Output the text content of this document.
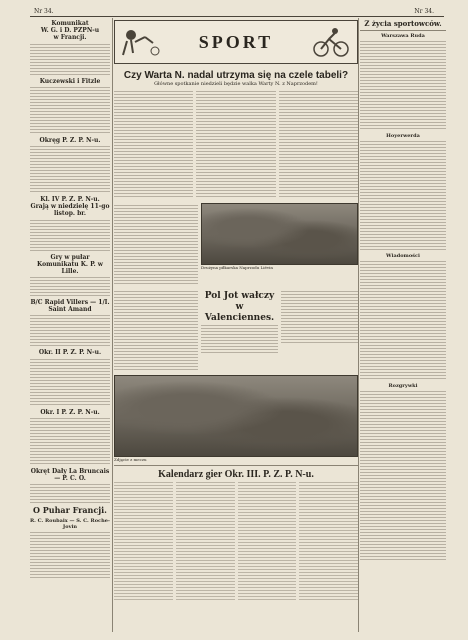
Nr 34.	Nr 34.
Komunikat
W. G. i D. PZPN-u
w Francji.
Kuczewski i Fitzle
Okręg P. Z. P. N-u.
Kl. IV P. Z. P. N-u.
Grają w niedzielę 11-go listop. br.
Gry w pułar Komunikatu K. P. w Lille.
B/C Rapid Villers — 1/I. Saint Amand
Okr. II P. Z. P. N-u.
Okr. I P. Z. P. N-u.
Okręt Dały La Bruncais — P. C. O.
O Puhar Francji.
R. C. Roubaix — S. C. Roche-Jovin
SPORT
Czy Warta N. nadal utrzyma się na czele tabeli?
Główne spotkanie niedzieli będzie walka Warty N. z Naprzodem!
Drużyna piłkarska Naprzodu Liévin
Pol Jot wałczy
w Valenciennes.
Zdjęcie z meczu
Kalendarz gier Okr. III. P. Z. P. N-u.
Z życia sportowców.
Warszawa Ruda
Hoyerwerda
Wiadomości
Rozgrywki
